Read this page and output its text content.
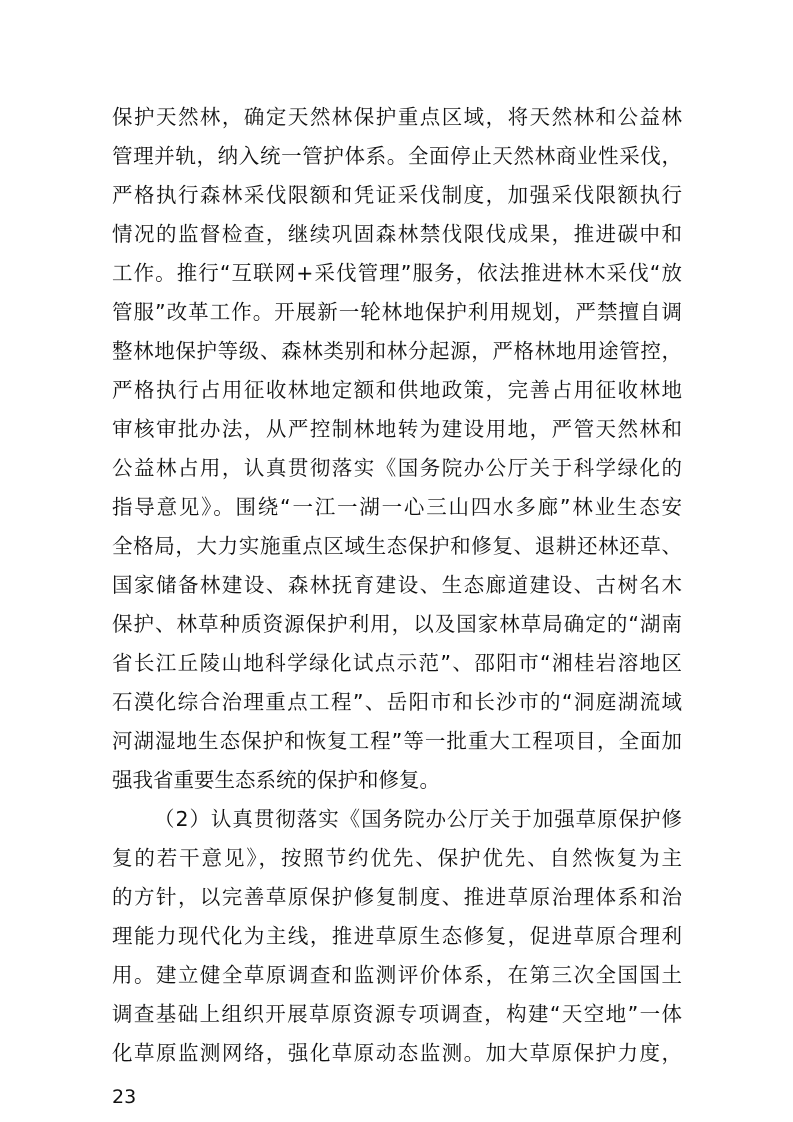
保护天然林，确定天然林保护重点区域，将天然林和公益林
管理并轨，纳入统一管护体系。全面停止天然林商业性采伐，
严格执行森林采伐限额和凭证采伐制度，加强采伐限额执行
情况的监督检查，继续巩固森林禁伐限伐成果，推进碳中和
工作。推行“互联网+采伐管理”服务，依法推进林木采伐“放
管服”改革工作。开展新一轮林地保护利用规划，严禁擅自调
整林地保护等级、森林类别和林分起源，严格林地用途管控，
严格执行占用征收林地定额和供地政策，完善占用征收林地
审核审批办法，从严控制林地转为建设用地，严管天然林和
公益林占用，认真贯彻落实《国务院办公厅关于科学绿化的
指导意见》。围绕“一江一湖一心三山四水多廊”林业生态安
全格局，大力实施重点区域生态保护和修复、退耕还林还草、
国家储备林建设、森林抚育建设、生态廊道建设、古树名木
保护、林草种质资源保护利用，以及国家林草局确定的“湖南
省长江丘陵山地科学绿化试点示范”、邵阳市“湘桂岩溶地区
石漠化综合治理重点工程”、岳阳市和长沙市的“洞庭湖流域
河湖湿地生态保护和恢复工程”等一批重大工程项目，全面加
强我省重要生态系统的保护和修复。
（2）认真贯彻落实《国务院办公厅关于加强草原保护修
复的若干意见》，按照节约优先、保护优先、自然恢复为主
的方针，以完善草原保护修复制度、推进草原治理体系和治
理能力现代化为主线，推进草原生态修复，促进草原合理利
用。建立健全草原调查和监测评价体系，在第三次全国国土
调查基础上组织开展草原资源专项调查，构建“天空地”一体
化草原监测网络，强化草原动态监测。加大草原保护力度，
23
